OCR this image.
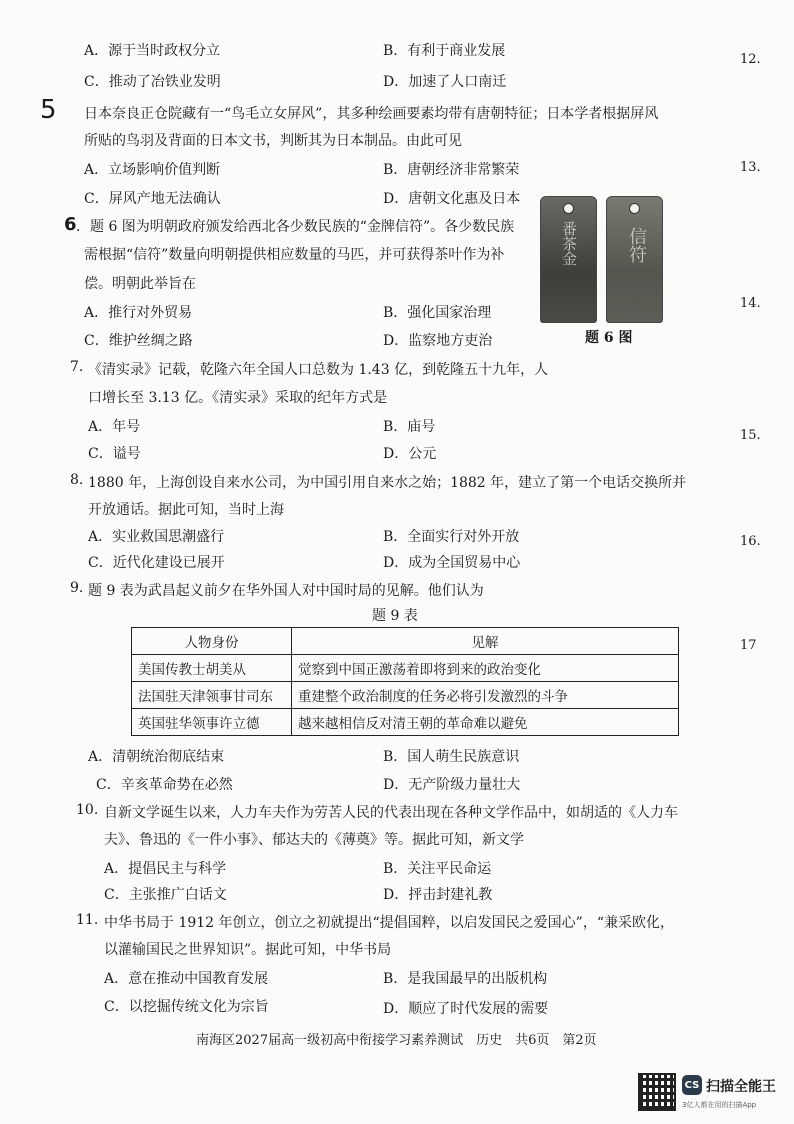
A．源于当时政权分立	B．有利于商业发展
C．推动了冶铁业发明	D．加速了人口南迁
5 日本奈良正仓院藏有一“鸟毛立女屏风”，其多种绘画要素均带有唐朝特征；日本学者根据屏风
所贴的鸟羽及背面的日本文书，判断其为日本制品。由此可见
A．立场影响价值判断	B．唐朝经济非常繁荣
C．屏风产地无法确认	D．唐朝文化惠及日本
6 ．题 6 图为明朝政府颁发给西北各少数民族的“金牌信符”。各少数民族
需根据“信符”数量向明朝提供相应数量的马匹，并可获得茶叶作为补
偿。明朝此举旨在
A．推行对外贸易	B．强化国家治理
C．维护丝绸之路	D．监察地方吏治
番茶金	信符
题 6 图
7. 《清实录》记载，乾隆六年全国人口总数为 1.43 亿，到乾隆五十九年，人
口增长至 3.13 亿。《清实录》采取的纪年方式是
A．年号	B．庙号
C．谥号	D．公元
8. 1880 年，上海创设自来水公司，为中国引用自来水之始；1882 年，建立了第一个电话交换所并
开放通话。据此可知，当时上海
A．实业救国思潮盛行	B．全面实行对外开放
C．近代化建设已展开	D．成为全国贸易中心
9. 题 9 表为武昌起义前夕在华外国人对中国时局的见解。他们认为
题 9 表
人物身份	见解
美国传教士胡美从	觉察到中国正激荡着即将到来的政治变化
法国驻天津领事甘司东	重建整个政治制度的任务必将引发激烈的斗争
英国驻华领事许立德	越来越相信反对清王朝的革命难以避免
A．清朝统治彻底结束	B．国人萌生民族意识
C．辛亥革命势在必然	D．无产阶级力量壮大
10. 自新文学诞生以来，人力车夫作为劳苦人民的代表出现在各种文学作品中，如胡适的《人力车
夫》、鲁迅的《一件小事》、郁达夫的《薄奠》等。据此可知，新文学
A．提倡民主与科学	B．关注平民命运
C．主张推广白话文	D．抨击封建礼教
11. 中华书局于 1912 年创立，创立之初就提出“提倡国粹，以启发国民之爱国心”，“兼采欧化，
以灌输国民之世界知识”。据此可知，中华书局
A．意在推动中国教育发展	B．是我国最早的出版机构
C．以挖掘传统文化为宗旨	D．顺应了时代发展的需要
12.
13.
14.
15.
16.
17
南海区2027届高一级初高中衔接学习素养测试　历史　共6页　第2页
CS 扫描全能王
3亿人都在用的扫描App
